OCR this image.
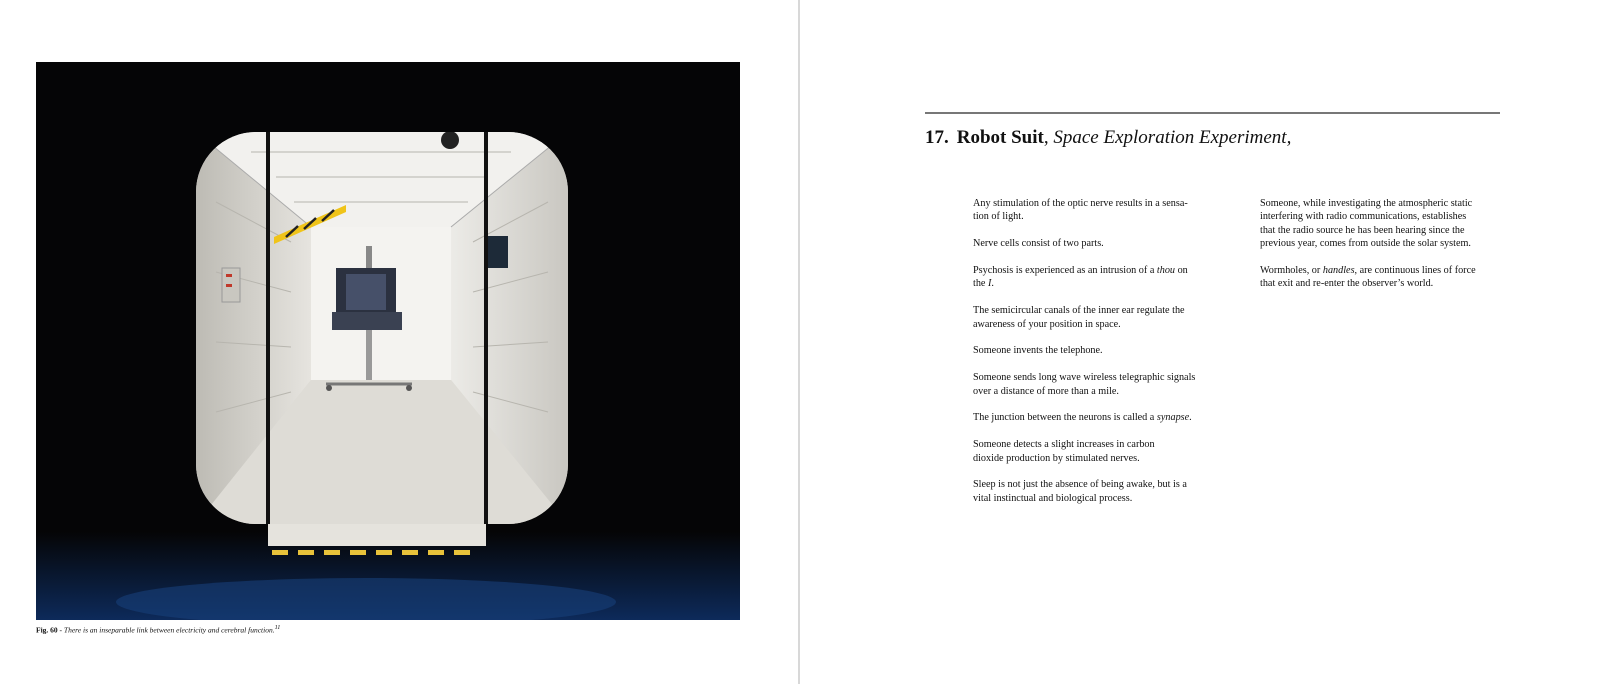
Fig. 60 - There is an inseparable link between electricity and cerebral function.$^{11}$
17. Robot Suit, Space Exploration Experiment,

Any stimulation of the optic nerve results in a sensa-
tion of light.

Nerve cells consist of two parts.

Psychosis is experienced as an intrusion of a thou on
the I.

The semicircular canals of the inner ear regulate the
awareness of your position in space.

Someone invents the telephone.

Someone sends long wave wireless telegraphic signals
over a distance of more than a mile.

The junction between the neurons is called a synapse.

Someone detects a slight increases in carbon
dioxide production by stimulated nerves.

Sleep is not just the absence of being awake, but is a
vital instinctual and biological process.

Someone, while investigating the atmospheric static
interfering with radio communications, establishes
that the radio source he has been hearing since the
previous year, comes from outside the solar system.

Wormholes, or handles, are continuous lines of force
that exit and re-enter the observer’s world.
